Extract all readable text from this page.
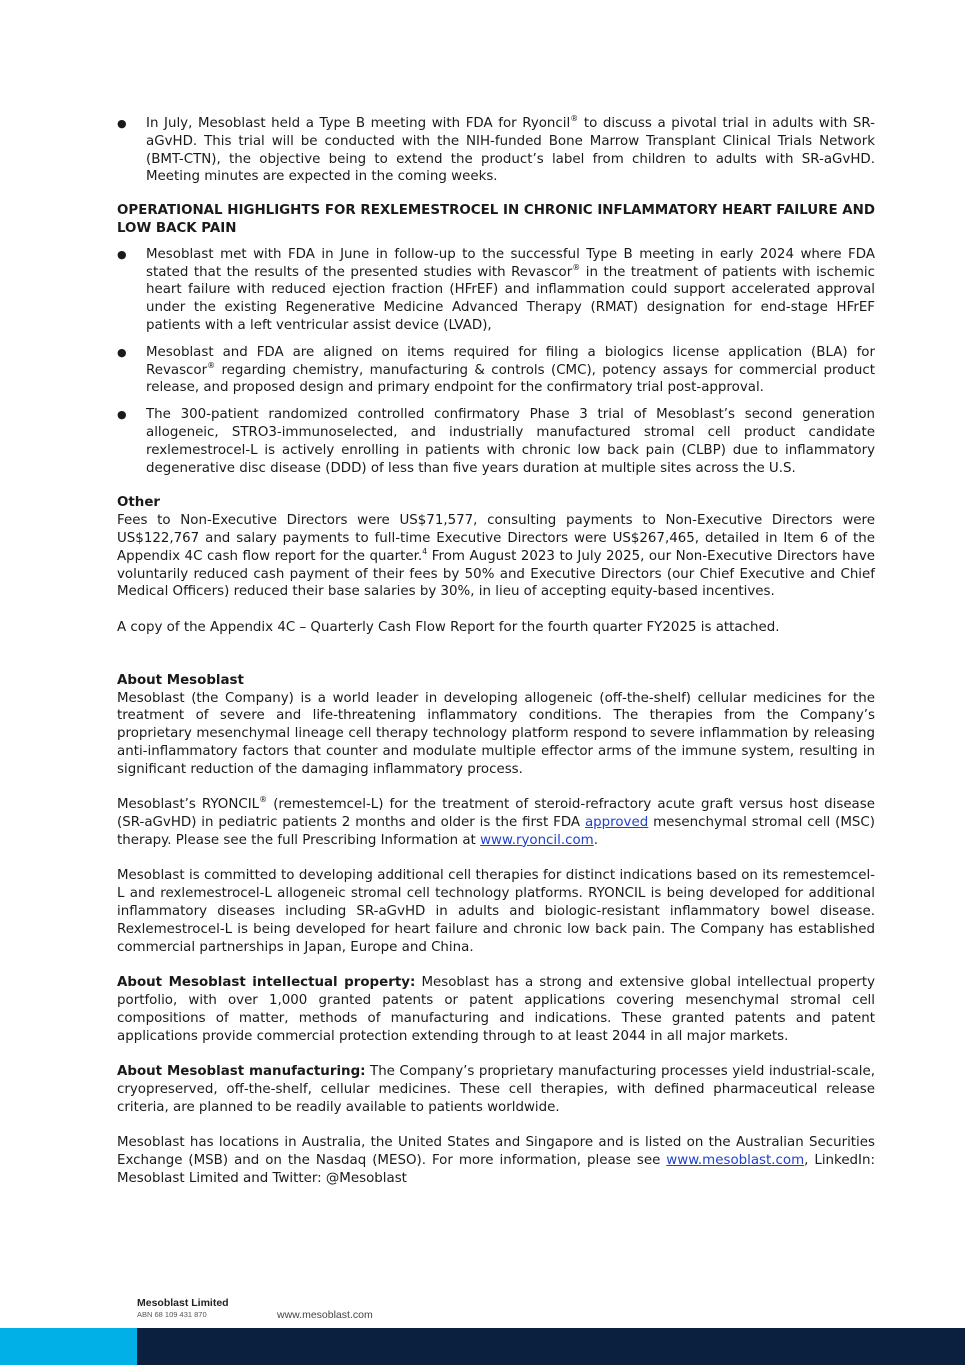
● In July, Mesoblast held a Type B meeting with FDA for Ryoncil® to discuss a pivotal trial in adults with SR-aGvHD. This trial will be conducted with the NIH-funded Bone Marrow Transplant Clinical Trials Network (BMT-CTN), the objective being to extend the product’s label from children to adults with SR-aGvHD. Meeting minutes are expected in the coming weeks.
OPERATIONAL HIGHLIGHTS FOR REXLEMESTROCEL IN CHRONIC INFLAMMATORY HEART FAILURE AND LOW BACK PAIN
● Mesoblast met with FDA in June in follow-up to the successful Type B meeting in early 2024 where FDA stated that the results of the presented studies with Revascor® in the treatment of patients with ischemic heart failure with reduced ejection fraction (HFrEF) and inflammation could support accelerated approval under the existing Regenerative Medicine Advanced Therapy (RMAT) designation for end-stage HFrEF patients with a left ventricular assist device (LVAD),
● Mesoblast and FDA are aligned on items required for filing a biologics license application (BLA) for Revascor® regarding chemistry, manufacturing & controls (CMC), potency assays for commercial product release, and proposed design and primary endpoint for the confirmatory trial post-approval.
● The 300-patient randomized controlled confirmatory Phase 3 trial of Mesoblast’s second generation allogeneic, STRO3-immunoselected, and industrially manufactured stromal cell product candidate rexlemestrocel-L is actively enrolling in patients with chronic low back pain (CLBP) due to inflammatory degenerative disc disease (DDD) of less than five years duration at multiple sites across the U.S.

Other

Fees to Non-Executive Directors were US$71,577, consulting payments to Non-Executive Directors were US$122,767 and salary payments to full-time Executive Directors were US$267,465, detailed in Item 6 of the Appendix 4C cash flow report for the quarter.$^4$ From August 2023 to July 2025, our Non-Executive Directors have voluntarily reduced cash payment of their fees by 50% and Executive Directors (our Chief Executive and Chief Medical Officers) reduced their base salaries by 30%, in lieu of accepting equity-based incentives.

A copy of the Appendix 4C – Quarterly Cash Flow Report for the fourth quarter FY2025 is attached.

About Mesoblast

Mesoblast (the Company) is a world leader in developing allogeneic (off-the-shelf) cellular medicines for the treatment of severe and life-threatening inflammatory conditions. The therapies from the Company’s proprietary mesenchymal lineage cell therapy technology platform respond to severe inflammation by releasing anti-inflammatory factors that counter and modulate multiple effector arms of the immune system, resulting in significant reduction of the damaging inflammatory process.

Mesoblast’s RYONCIL® (remestemcel-L) for the treatment of steroid-refractory acute graft versus host disease (SR-aGvHD) in pediatric patients 2 months and older is the first FDA approved mesenchymal stromal cell (MSC) therapy. Please see the full Prescribing Information at www.ryoncil.com.

Mesoblast is committed to developing additional cell therapies for distinct indications based on its remestemcel-L and rexlemestrocel-L allogeneic stromal cell technology platforms. RYONCIL is being developed for additional inflammatory diseases including SR-aGvHD in adults and biologic-resistant inflammatory bowel disease. Rexlemestrocel-L is being developed for heart failure and chronic low back pain. The Company has established commercial partnerships in Japan, Europe and China.

About Mesoblast intellectual property: Mesoblast has a strong and extensive global intellectual property portfolio, with over 1,000 granted patents or patent applications covering mesenchymal stromal cell compositions of matter, methods of manufacturing and indications. These granted patents and patent applications provide commercial protection extending through to at least 2044 in all major markets.

About Mesoblast manufacturing: The Company’s proprietary manufacturing processes yield industrial-scale, cryopreserved, off-the-shelf, cellular medicines. These cell therapies, with defined pharmaceutical release criteria, are planned to be readily available to patients worldwide.

Mesoblast has locations in Australia, the United States and Singapore and is listed on the Australian Securities Exchange (MSB) and on the Nasdaq (MESO). For more information, please see www.mesoblast.com, LinkedIn: Mesoblast Limited and Twitter: @Mesoblast

Mesoblast Limited
ABN 68 109 431 870	www.mesoblast.com
